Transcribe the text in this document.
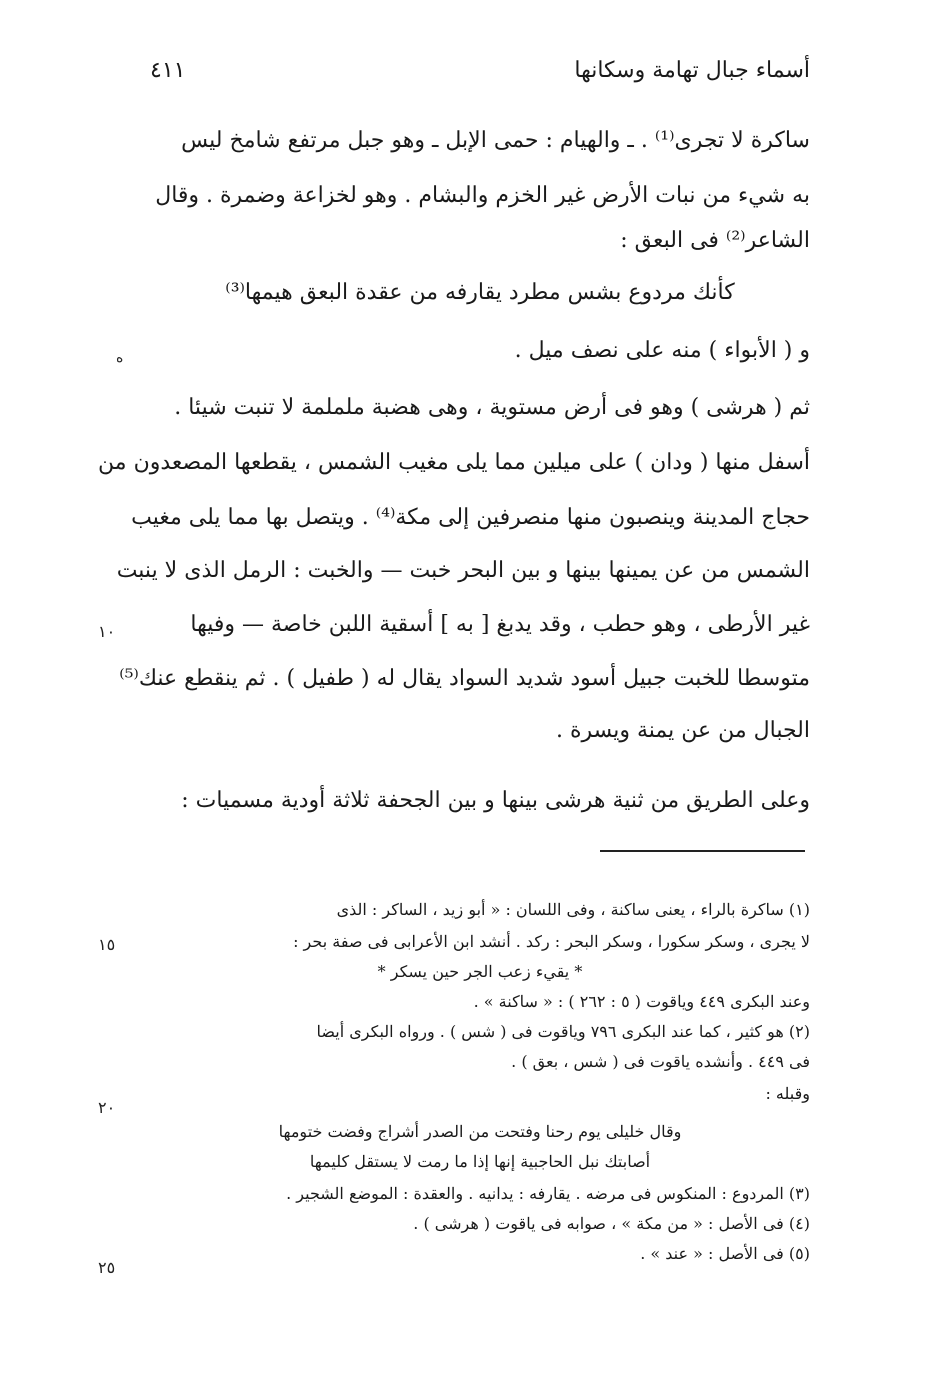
أسماء جبال تهامة وسكانها
٤١١
ساكرة لا تجرى⁽¹⁾ . ـ والهيام : حمى الإبل ـ وهو جبل مرتفع شامخ ليس
به شيء من نبات الأرض غير الخزم والبشام . وهو لخزاعة وضمرة . وقال
الشاعر⁽²⁾ فى البعق :
كأنك مردوع بشس مطرد يقارفه من عقدة البعق هيمها⁽³⁾
و ( الأبواء ) منه على نصف ميل .
ثم ( هرشى ) وهو فى أرض مستوية ، وهى هضبة ململمة لا تنبت شيئا .
أسفل منها ( ودان ) على ميلين مما يلى مغيب الشمس ، يقطعها المصعدون من
حجاج المدينة وينصبون منها منصرفين إلى مكة⁽⁴⁾ . ويتصل بها مما يلى مغيب
الشمس من عن يمينها بينها و بين البحر خبت — والخبت : الرمل الذى لا ينبت
غير الأرطى ، وهو حطب ، وقد يدبغ [ به ] أسقية اللبن خاصة — وفيها
متوسطا للخبت جبيل أسود شديد السواد يقال له ( طفيل ) . ثم ينقطع عنك⁽⁵⁾
الجبال من عن يمنة ويسرة .
وعلى الطريق من ثنية هرشى بينها و بين الجحفة ثلاثة أودية مسميات :
ه
١٠
١٥
٢٠
٢٥
(١) ساكرة بالراء ، يعنى ساكنة ، وفى اللسان : « أبو زيد ، الساكر : الذى
لا يجرى ، وسكر سكورا ، وسكر البحر : ركد . أنشد ابن الأعرابى فى صفة بحر :
* يقيء زعب الجر حين يسكر *
وعند البكرى ٤٤٩ وياقوت ( ٥ : ٢٦٢ ) : « ساكنة » .
(٢) هو كثير ، كما عند البكرى ٧٩٦ وياقوت فى ( شس ) . ورواه البكرى أيضا
فى ٤٤٩ . وأنشده ياقوت فى ( شس ، بعق ) .
وقبله :
وقال خليلى يوم رحنا وفتحت من الصدر أشراج وفضت ختومها
أصابتك نبل الحاجبية إنها إذا ما رمت لا يستقل كليمها
(٣) المردوع : المنكوس فى مرضه . يقارفه : يدانيه . والعقدة : الموضع الشجير .
(٤) فى الأصل : « من مكة » ، صوابه فى ياقوت ( هرشى ) .
(٥) فى الأصل : « عند » .
